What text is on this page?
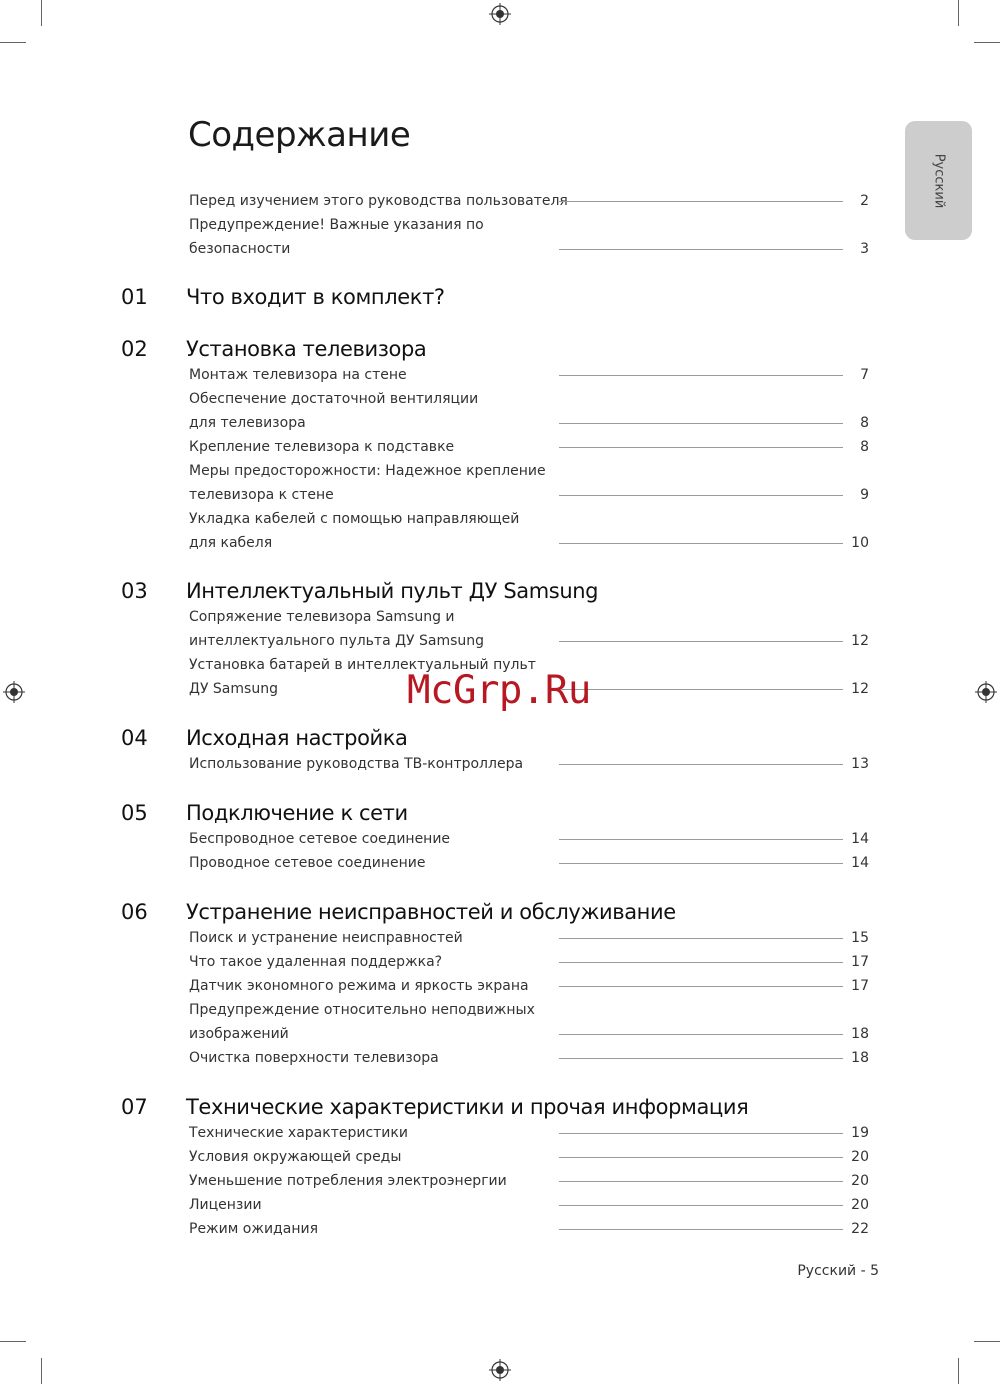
Русский
Содержание
Перед изучением этого руководства пользователя	2
Предупреждение! Важные указания по
безопасности	3
01 Что входит в комплект?
02 Установка телевизора
Монтаж телевизора на стене	7
Обеспечение достаточной вентиляции
для телевизора	8
Крепление телевизора к подставке	8
Меры предосторожности: Надежное крепление
телевизора к стене	9
Укладка кабелей с помощью направляющей
для кабеля	10
03 Интеллектуальный пульт ДУ Samsung
Сопряжение телевизора Samsung и
интеллектуального пульта ДУ Samsung	12
Установка батарей в интеллектуальный пульт
ДУ Samsung	12
04 Исходная настройка
Использование руководства ТВ-контроллера	13
05 Подключение к сети
Беспроводное сетевое соединение	14
Проводное сетевое соединение	14
06 Устранение неисправностей и обслуживание
Поиск и устранение неисправностей	15
Что такое удаленная поддержка?	17
Датчик экономного режима и яркость экрана	17
Предупреждение относительно неподвижных
изображений	18
Очистка поверхности телевизора	18
07 Технические характеристики и прочая информация
Технические характеристики	19
Условия окружающей среды	20
Уменьшение потребления электроэнергии	20
Лицензии	20
Режим ожидания	22
McGrp.Ru
Русский - 5
